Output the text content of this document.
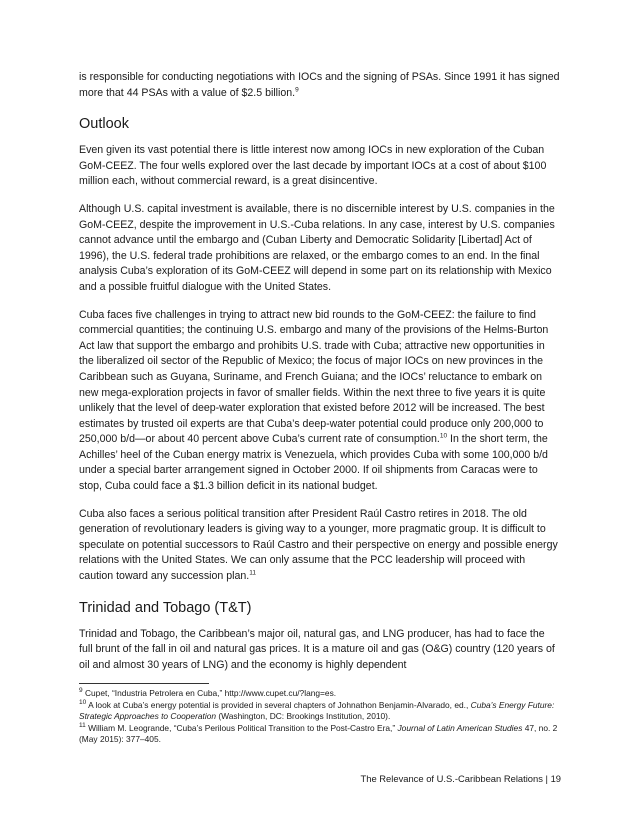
is responsible for conducting negotiations with IOCs and the signing of PSAs. Since 1991 it has signed more that 44 PSAs with a value of $2.5 billion.$^9$

Outlook

Even given its vast potential there is little interest now among IOCs in new exploration of the Cuban GoM-CEEZ. The four wells explored over the last decade by important IOCs at a cost of about $100 million each, without commercial reward, is a great disincentive.

Although U.S. capital investment is available, there is no discernible interest by U.S. companies in the GoM-CEEZ, despite the improvement in U.S.-Cuba relations. In any case, interest by U.S. companies cannot advance until the embargo and (Cuban Liberty and Democratic Solidarity [Libertad] Act of 1996), the U.S. federal trade prohibitions are relaxed, or the embargo comes to an end. In the final analysis Cuba’s exploration of its GoM-CEEZ will depend in some part on its relationship with Mexico and a possible fruitful dialogue with the United States.

Cuba faces five challenges in trying to attract new bid rounds to the GoM-CEEZ: the failure to find commercial quantities; the continuing U.S. embargo and many of the provisions of the Helms-Burton Act law that support the embargo and prohibits U.S. trade with Cuba; attractive new opportunities in the liberalized oil sector of the Republic of Mexico; the focus of major IOCs on new provinces in the Caribbean such as Guyana, Suriname, and French Guiana; and the IOCs’ reluctance to embark on new mega-exploration projects in favor of smaller fields. Within the next three to five years it is quite unlikely that the level of deep-water exploration that existed before 2012 will be increased. The best estimates by trusted oil experts are that Cuba’s deep-water potential could produce only 200,000 to 250,000 b/d—or about 40 percent above Cuba’s current rate of consumption.$^{10}$ In the short term, the Achilles’ heel of the Cuban energy matrix is Venezuela, which provides Cuba with some 100,000 b/d under a special barter arrangement signed in October 2000. If oil shipments from Caracas were to stop, Cuba could face a $1.3 billion deficit in its national budget.

Cuba also faces a serious political transition after President Raúl Castro retires in 2018. The old generation of revolutionary leaders is giving way to a younger, more pragmatic group. It is difficult to speculate on potential successors to Raúl Castro and their perspective on energy and possible energy relations with the United States. We can only assume that the PCC leadership will proceed with caution toward any succession plan.$^{11}$

Trinidad and Tobago (T&T)

Trinidad and Tobago, the Caribbean’s major oil, natural gas, and LNG producer, has had to face the full brunt of the fall in oil and natural gas prices. It is a mature oil and gas (O&G) country (120 years of oil and almost 30 years of LNG) and the economy is highly dependent

$^9$ Cupet, “Industria Petrolera en Cuba,” http://www.cupet.cu/?lang=es.

$^{10}$ A look at Cuba’s energy potential is provided in several chapters of Johnathon Benjamin-Alvarado, ed., Cuba’s Energy Future: Strategic Approaches to Cooperation (Washington, DC: Brookings Institution, 2010).

$^{11}$ William M. Leogrande, “Cuba’s Perilous Political Transition to the Post-Castro Era,” Journal of Latin American Studies 47, no. 2 (May 2015): 377–405.

The Relevance of U.S.-Caribbean Relations | 19
